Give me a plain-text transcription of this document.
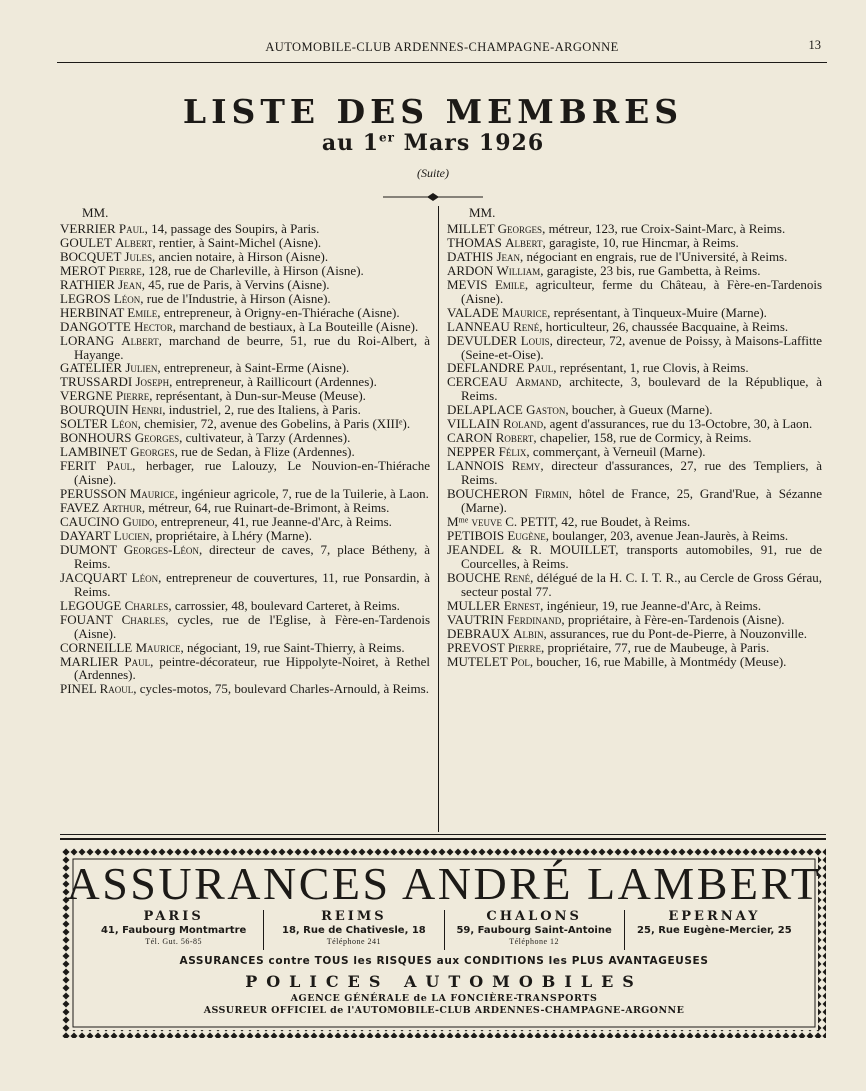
AUTOMOBILE-CLUB ARDENNES-CHAMPAGNE-ARGONNE	13
LISTE DES MEMBRES
au 1er Mars 1926
(Suite)
MM.

VERRIER Paul, 14, passage des Soupirs, à Paris.

GOULET Albert, rentier, à Saint-Michel (Aisne).

BOCQUET Jules, ancien notaire, à Hirson (Aisne).

MEROT Pierre, 128, rue de Charleville, à Hirson (Aisne).

RATHIER Jean, 45, rue de Paris, à Vervins (Aisne).

LEGROS Léon, rue de l'Industrie, à Hirson (Aisne).

HERBINAT Emile, entrepreneur, à Origny-en-Thiérache (Aisne).

DANGOTTE Hector, marchand de bestiaux, à La Bouteille (Aisne).

LORANG Albert, marchand de beurre, 51, rue du Roi-Albert, à Hayange.

GATELIER Julien, entrepreneur, à Saint-Erme (Aisne).

TRUSSARDI Joseph, entrepreneur, à Raillicourt (Ardennes).

VERGNE Pierre, représentant, à Dun-sur-Meuse (Meuse).

BOURQUIN Henri, industriel, 2, rue des Italiens, à Paris.

SOLTER Léon, chemisier, 72, avenue des Gobelins, à Paris (XIIIᵉ).

BONHOURS Georges, cultivateur, à Tarzy (Ardennes).

LAMBINET Georges, rue de Sedan, à Flize (Ardennes).

FERIT Paul, herbager, rue Lalouzy, Le Nouvion-en-Thiérache (Aisne).

PERUSSON Maurice, ingénieur agricole, 7, rue de la Tuilerie, à Laon.

FAVEZ Arthur, métreur, 64, rue Ruinart-de-Brimont, à Reims.

CAUCINO Guido, entrepreneur, 41, rue Jeanne-d'Arc, à Reims.

DAYART Lucien, propriétaire, à Lhéry (Marne).

DUMONT Georges-Léon, directeur de caves, 7, place Bétheny, à Reims.

JACQUART Léon, entrepreneur de couvertures, 11, rue Ponsardin, à Reims.

LEGOUGE Charles, carrossier, 48, boulevard Carteret, à Reims.

FOUANT Charles, cycles, rue de l'Eglise, à Fère-en-Tardenois (Aisne).

CORNEILLE Maurice, négociant, 19, rue Saint-Thierry, à Reims.

MARLIER Paul, peintre-décorateur, rue Hippolyte-Noiret, à Rethel (Ardennes).

PINEL Raoul, cycles-motos, 75, boulevard Charles-Arnould, à Reims.

MM.

MILLET Georges, métreur, 123, rue Croix-Saint-Marc, à Reims.

THOMAS Albert, garagiste, 10, rue Hincmar, à Reims.

DATHIS Jean, négociant en engrais, rue de l'Université, à Reims.

ARDON William, garagiste, 23 bis, rue Gambetta, à Reims.

MEVIS Emile, agriculteur, ferme du Château, à Fère-en-Tardenois (Aisne).

VALADE Maurice, représentant, à Tinqueux-Muire (Marne).

LANNEAU René, horticulteur, 26, chaussée Bacquaine, à Reims.

DEVULDER Louis, directeur, 72, avenue de Poissy, à Maisons-Laffitte (Seine-et-Oise).

DEFLANDRE Paul, représentant, 1, rue Clovis, à Reims.

CERCEAU Armand, architecte, 3, boulevard de la République, à Reims.

DELAPLACE Gaston, boucher, à Gueux (Marne).

VILLAIN Roland, agent d'assurances, rue du 13-Octobre, 30, à Laon.

CARON Robert, chapelier, 158, rue de Cormicy, à Reims.

NEPPER Félix, commerçant, à Verneuil (Marne).

LANNOIS Remy, directeur d'assurances, 27, rue des Templiers, à Reims.

BOUCHERON Firmin, hôtel de France, 25, Grand'Rue, à Sézanne (Marne).

Mᵐᵉ veuve C. PETIT, 42, rue Boudet, à Reims.

PETIBOIS Eugène, boulanger, 203, avenue Jean-Jaurès, à Reims.

JEANDEL & R. MOUILLET, transports automobiles, 91, rue de Courcelles, à Reims.

BOUCHE René, délégué de la H. C. I. T. R., au Cercle de Gross Gérau, secteur postal 77.

MULLER Ernest, ingénieur, 19, rue Jeanne-d'Arc, à Reims.

VAUTRIN Ferdinand, propriétaire, à Fère-en-Tardenois (Aisne).

DEBRAUX Albin, assurances, rue du Pont-de-Pierre, à Nouzonville.

PREVOST Pierre, propriétaire, 77, rue de Maubeuge, à Paris.

MUTELET Pol, boucher, 16, rue Mabille, à Montmédy (Meuse).

ASSURANCES ANDRÉ LAMBERT
PARIS
41, Faubourg Montmartre
Tél. Gut. 56-85
REIMS
18, Rue de Chativesle, 18
Téléphone 241
CHALONS
59, Faubourg Saint-Antoine
Téléphone 12
EPERNAY
25, Rue Eugène-Mercier, 25
ASSURANCES contre TOUS les RISQUES aux CONDITIONS les PLUS AVANTAGEUSES
POLICES AUTOMOBILES
AGENCE GÉNÉRALE de LA FONCIÈRE-TRANSPORTS
ASSUREUR OFFICIEL de l'AUTOMOBILE-CLUB ARDENNES-CHAMPAGNE-ARGONNE
